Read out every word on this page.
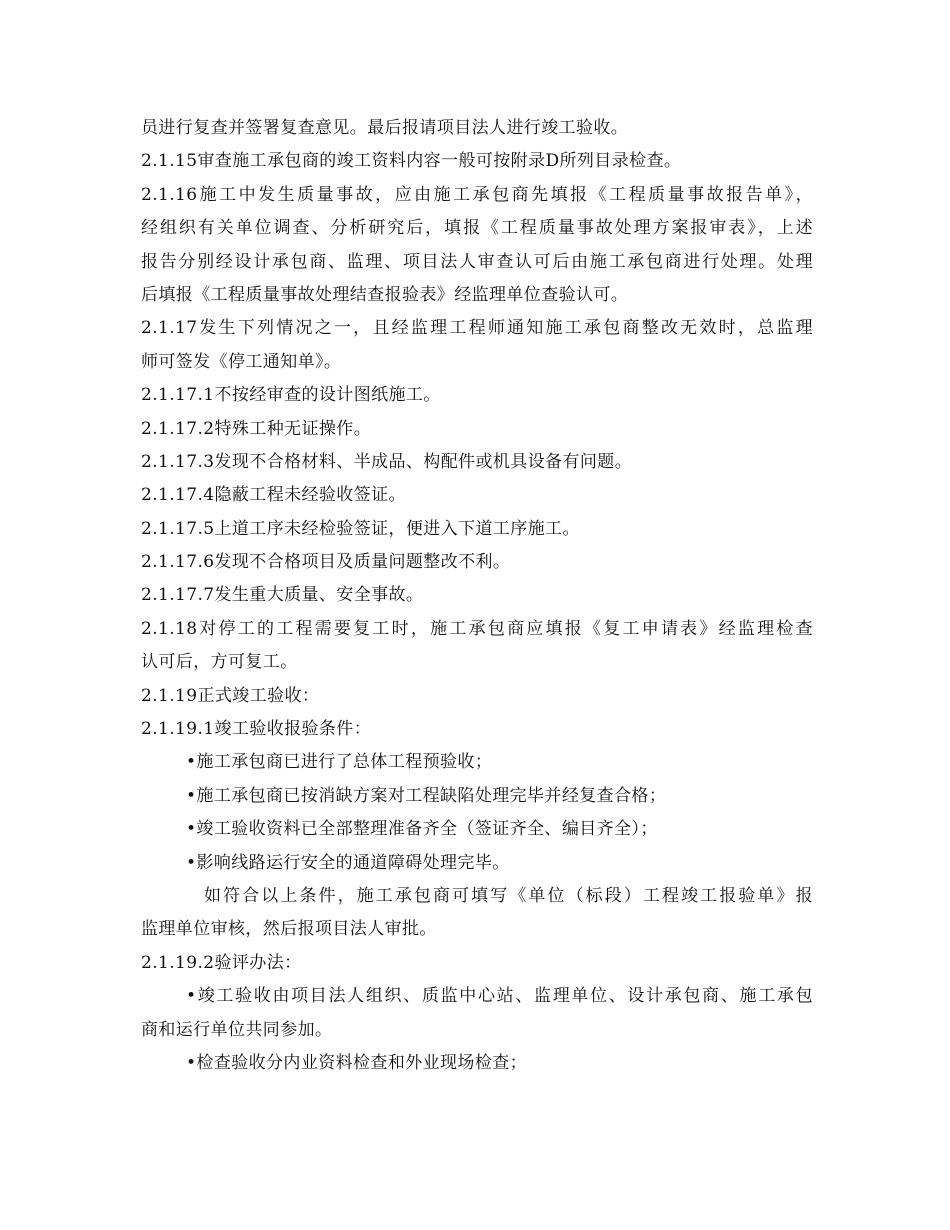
员进行复查并签署复查意见。最后报请项目法人进行竣工验收。
2.1.15审查施工承包商的竣工资料内容一般可按附录D所列目录检查。
2.1.16施工中发生质量事故，应由施工承包商先填报《工程质量事故报告单》，
经组织有关单位调查、分析研究后，填报《工程质量事故处理方案报审表》，上述
报告分别经设计承包商、监理、项目法人审查认可后由施工承包商进行处理。处理
后填报《工程质量事故处理结查报验表》经监理单位查验认可。
2.1.17发生下列情况之一，且经监理工程师通知施工承包商整改无效时，总监理
师可签发《停工通知单》。
2.1.17.1不按经审查的设计图纸施工。
2.1.17.2特殊工种无证操作。
2.1.17.3发现不合格材料、半成品、构配件或机具设备有问题。
2.1.17.4隐蔽工程未经验收签证。
2.1.17.5上道工序未经检验签证，便进入下道工序施工。
2.1.17.6发现不合格项目及质量问题整改不利。
2.1.17.7发生重大质量、安全事故。
2.1.18对停工的工程需要复工时，施工承包商应填报《复工申请表》经监理检查
认可后，方可复工。
2.1.19正式竣工验收：
2.1.19.1竣工验收报验条件：
•施工承包商已进行了总体工程预验收；
•施工承包商已按消缺方案对工程缺陷处理完毕并经复查合格；
•竣工验收资料已全部整理准备齐全（签证齐全、编目齐全）；
•影响线路运行安全的通道障碍处理完毕。
如符合以上条件，施工承包商可填写《单位（标段）工程竣工报验单》报
监理单位审核，然后报项目法人审批。
2.1.19.2验评办法：
•竣工验收由项目法人组织、质监中心站、监理单位、设计承包商、施工承包
商和运行单位共同参加。
•检查验收分内业资料检查和外业现场检查；
